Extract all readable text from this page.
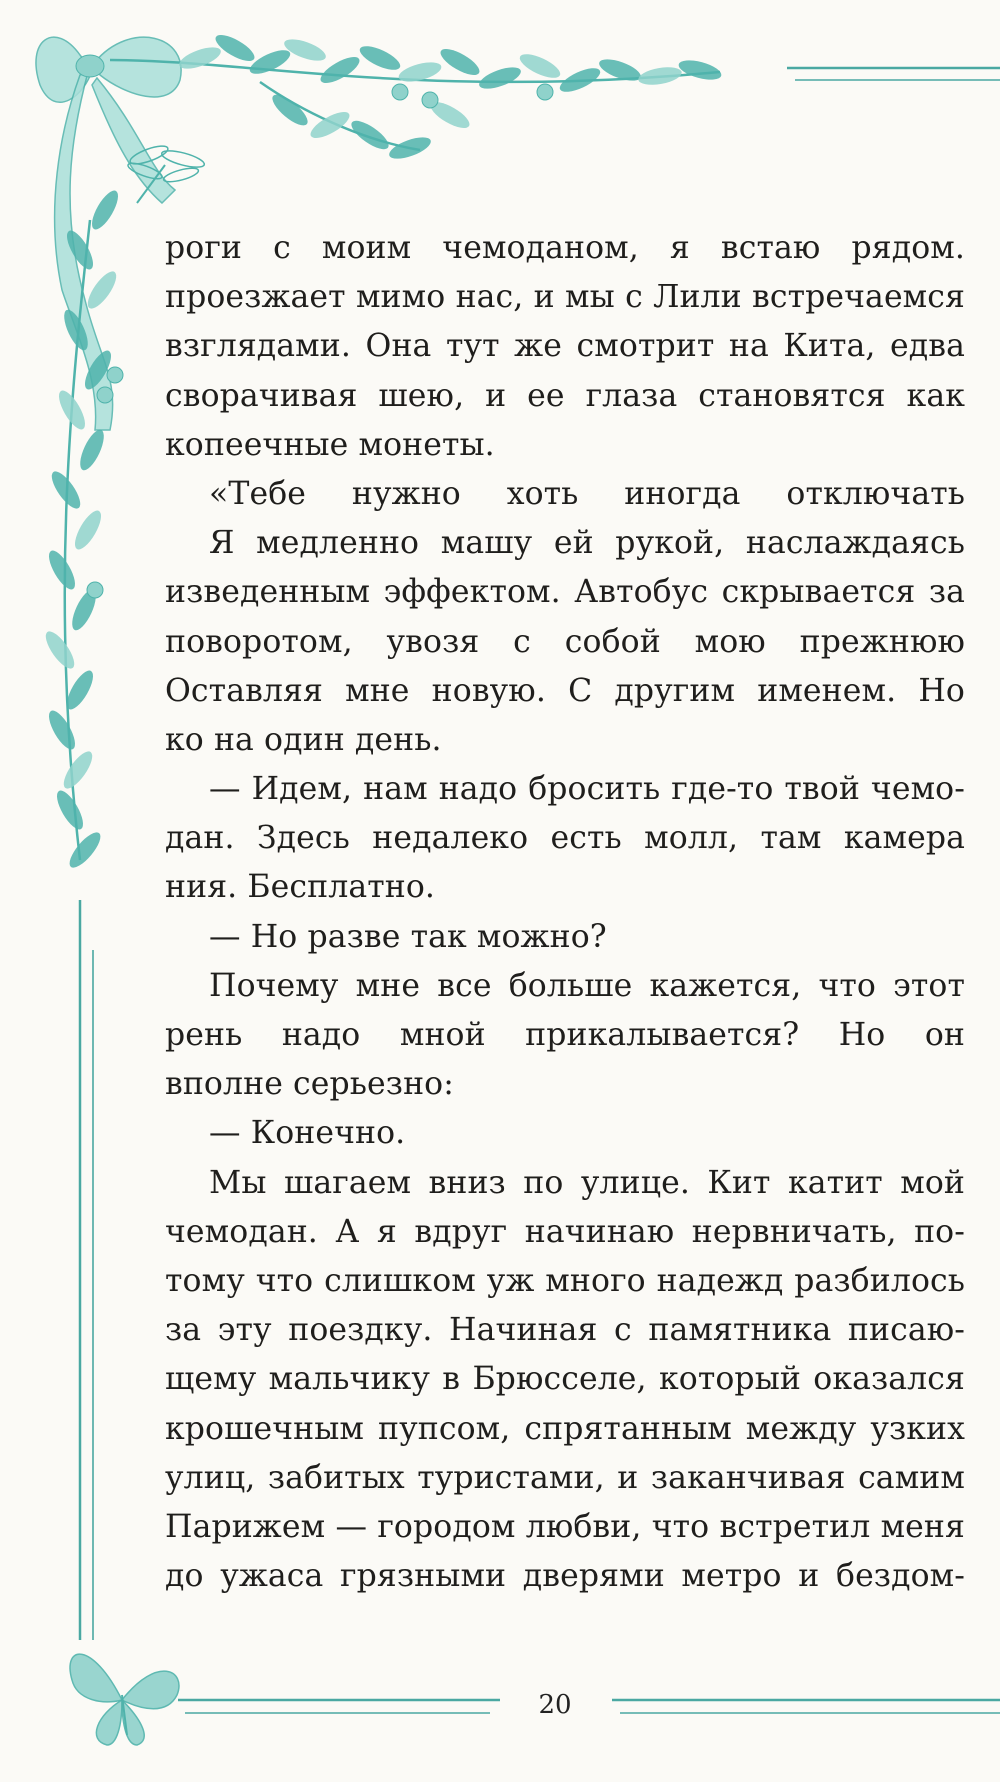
роги с моим чемоданом, я встаю рядом.
проезжает мимо нас, и мы с Лили встречаемся
взглядами. Она тут же смотрит на Кита, едва
сворачивая шею, и ее глаза становятся как
копеечные монеты.
«Тебе нужно хоть иногда отключать
Я медленно машу ей рукой, наслаждаясь
изведенным эффектом. Автобус скрывается за
поворотом, увозя с собой мою прежнюю
Оставляя мне новую. С другим именем. Но
ко на один день.
— Идем, нам надо бросить где-то твой чемо-
дан. Здесь недалеко есть молл, там камера
ния. Бесплатно.
— Но разве так можно?
Почему мне все больше кажется, что этот
рень надо мной прикалывается? Но он
вполне серьезно:
— Конечно.
Мы шагаем вниз по улице. Кит катит мой
чемодан. А я вдруг начинаю нервничать, по-
тому что слишком уж много надежд разбилось
за эту поездку. Начиная с памятника писаю-
щему мальчику в Брюсселе, который оказался
крошечным пупсом, спрятанным между узких
улиц, забитых туристами, и заканчивая самим
Парижем — городом любви, что встретил меня
до ужаса грязными дверями метро и бездом-
20
